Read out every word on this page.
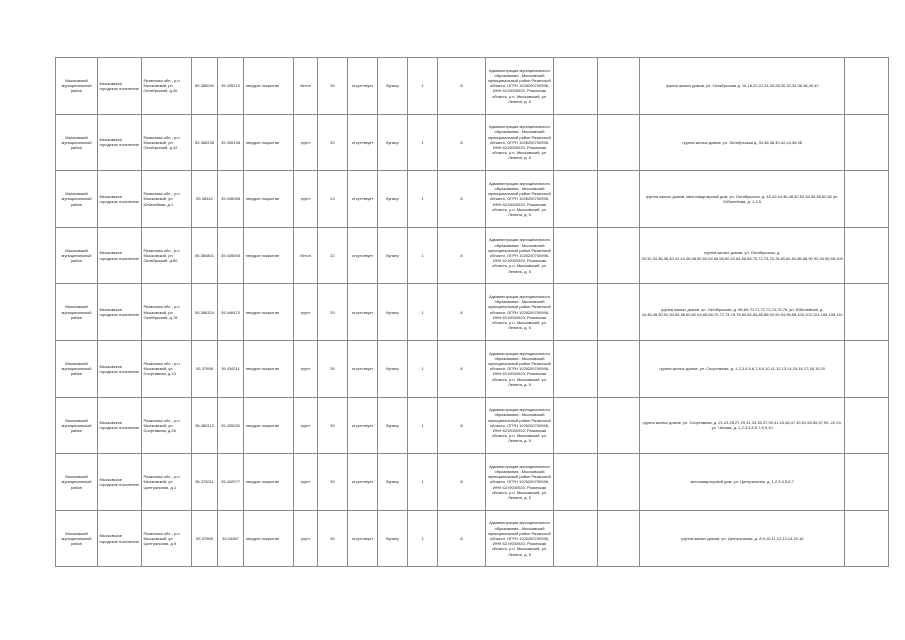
Мысковский муниципальный район	Мысковское городское поселение	Рязанская обл., р-н Мысковский, рп Октябрьский, д.40	55.385040	39.435210	твердое покрытие	бетон	30	отсутствует	бункер	1	8	Администрация муниципального образования - Мысковский муниципальный район Рязанской области, ОГРН 1026200700996, ИНН 6219000920, Рязанская область, р.п. Мысковский, ул. Ленина, д. 5			группа жилых домов, ул. Октябрьская д. 16,18,20,22,24,26,28,30,32,34,36,38,40,42	
Мысковский муниципальный район	Мысковское городское поселение	Рязанская обл., р-н Мысковский, рп Октябрьский, д.42	55.385235	39.435198	твердое покрытие	грунт	20	отсутствует	бункер	1	8	Администрация муниципального образования - Мысковский муниципальный район Рязанской области, ОГРН 1026200700996, ИНН 6219000920, Рязанская область, р.п. Мысковский, ул. Ленина, д. 5			группа жилых домов, ул. Октябрьская д. 34,36,38,40,42,44,46,48	
Мысковский муниципальный район	Мысковское городское поселение	Рязанская обл., р-н Мысковский, ул. Юбилейная, д.1	55.38342	39.436058	твердое покрытие	грунт	24	отсутствует	бункер	1	8	Администрация муниципального образования - Мысковский муниципальный район Рязанской области, ОГРН 1026200700996, ИНН 6219000920, Рязанская область, р.п. Мысковский, ул. Ленина, д. 5			группа жилых домов, многоквартирный дом, ул. Октябрьская, д. 40,42,44,46,48,50,52,54,56,58,60,62 ул. Юбилейная, д. 1,3,5	
Мысковский муниципальный район	Мысковское городское поселение	Рязанская обл., р-н Мысковский, рп Октябрьский, д.60	55.384801	39.435055	твердое покрытие	бетон	22	отсутствует	бункер	1	8	Администрация муниципального образования - Мысковский муниципальный район Рязанской области, ОГРН 1026200700996, ИНН 6219000920, Рязанская область, р.п. Мысковский, ул. Ленина, д. 5			группа жилых домов, ул. Октябрьская, д. 30,32,34,36,38,40,42,44,46,48,50,52,54,56,58,60,62,64,66,68,70,72,74,76,78,80,82,84,86,88,90,92,94,96,98,100	
Мысковский муниципальный район	Мысковское городское поселение	Рязанская обл., р-н Мысковский, рп Октябрьский, д.78	55.386324	39.446470	твердое покрытие	грунт	20	отсутствует	бункер	1	8	Администрация муниципального образования - Мысковский муниципальный район Рязанской области, ОГРН 1026200700996, ИНН 6219000920, Рязанская область, р.п. Мысковский, ул. Ленина, д. 5			группа жилых домов, ул. Октябрьская, д. 68,69,70,71,72,73,74,75,76, ул. Юбилейная, д. 44,46,48,50,52,54,56,58,60,62,64,66,68,70,72,74,76,78,80,82,84,86,88,90,92,94,96,98,100,102,104,106,108,110	
Мысковский муниципальный район	Мысковское городское поселение	Рязанская обл., р-н Мысковский, ул. Спортивная, д.10	55.37958	39.436211	твердое покрытие	грунт	30	отсутствует	бункер	1	8	Администрация муниципального образования - Мысковский муниципальный район Рязанской области, ОГРН 1026200700996, ИНН 6219000920, Рязанская область, р.п. Мысковский, ул. Ленина, д. 5			группа жилых домов, ул. Спортивная, д. 1,2,3,4,5,6,7,8,9,10,11,12,13,14,15,16,17,18,19,20	
Мысковский муниципальный район	Мысковское городское поселение	Рязанская обл., р-н Мысковский, ул. Спортивная, д.26	55.380113	39.435290	твердое покрытие	грунт	30	отсутствует	бункер	1	8	Администрация муниципального образования - Мысковский муниципальный район Рязанской области, ОГРН 1026200700996, ИНН 6219000920, Рязанская область, р.п. Мысковский, ул. Ленина, д. 5			группа жилых домов, ул. Спортивная, д. 21,23,25,27,29,31,33,35,37,39,41,43,45,47,49,51,53,55,57,59, 22,24, ул. Чехова, д. 1,2,3,4,5,6,7,8,9,10	
Мысковский муниципальный район	Мысковское городское поселение	Рязанская обл., р-н Мысковский, ул. Центральная, д.1	55.379211	39.442077	твердое покрытие	грунт	30	отсутствует	бункер	1	8	Администрация муниципального образования - Мысковский муниципальный район Рязанской области, ОГРН 1026200700996, ИНН 6219000920, Рязанская область, р.п. Мысковский, ул. Ленина, д. 5			многоквартирный дом, ул. Центральная, д. 1,2,3,4,5,6,7	
Мысковский муниципальный район	Мысковское городское поселение	Рязанская обл., р-н Мысковский, ул. Центральная, д.9	55.37965	39.44387	твердое покрытие	грунт	30	отсутствует	бункер	1	8	Администрация муниципального образования - Мысковский муниципальный район Рязанской области, ОГРН 1026200700996, ИНН 6219000920, Рязанская область, р.п. Мысковский, ул. Ленина, д. 5			группа жилых домов, ул. Центральная, д. 8,9,10,11,12,13,14,15,16	
